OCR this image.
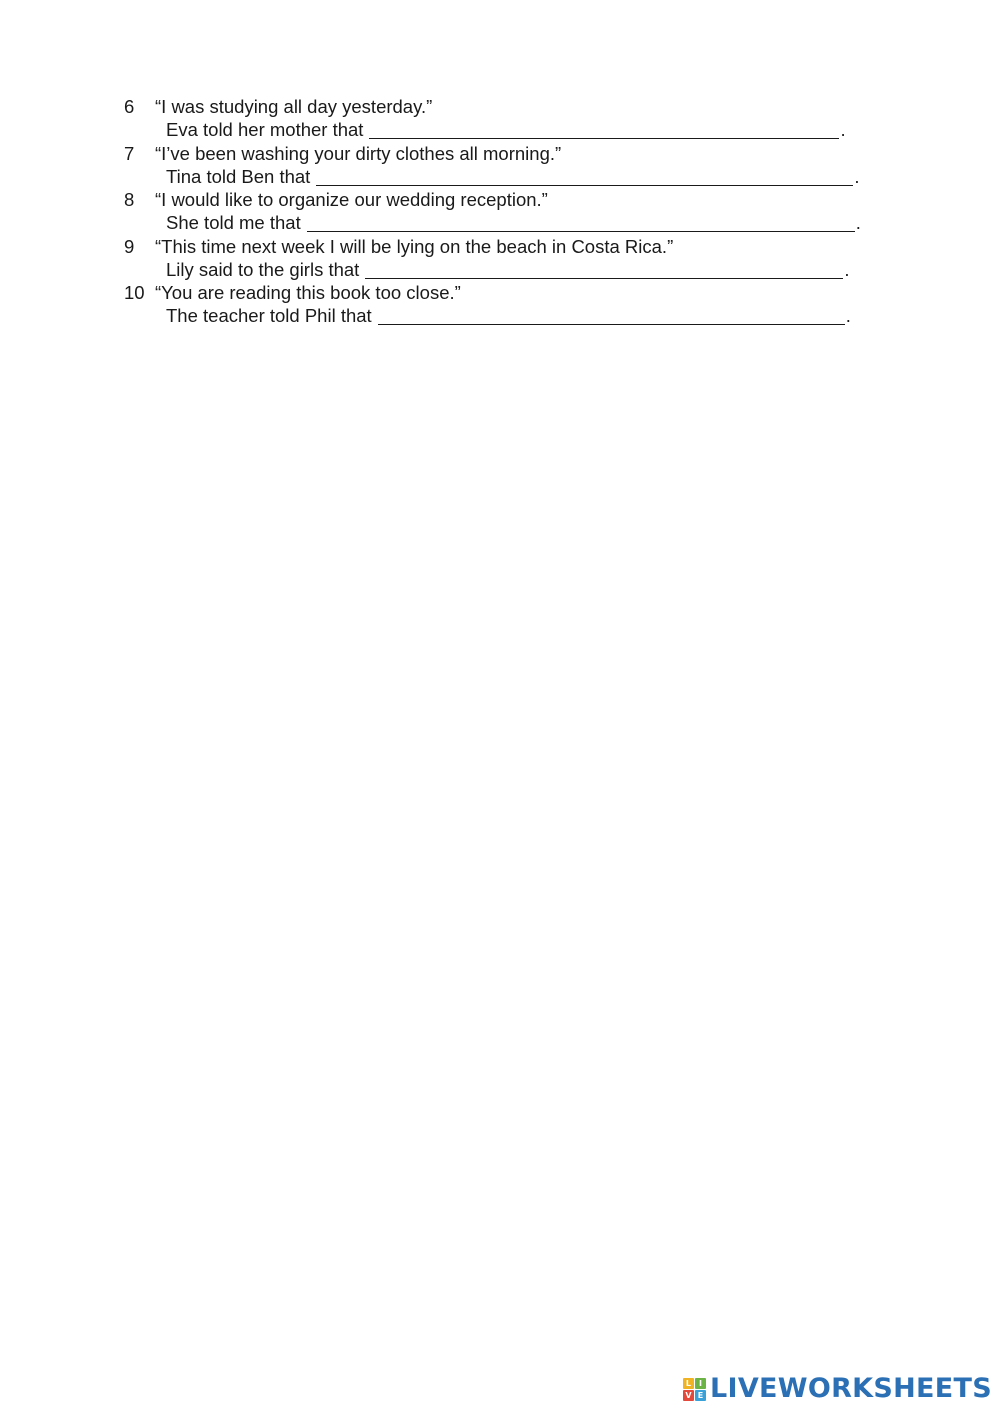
6 “I was studying all day yesterday.”
Eva told her mother that	.
7 “I’ve been washing your dirty clothes all morning.”
Tina told Ben that	.
8 “I would like to organize our wedding reception.”
She told me that	.
9 “This time next week I will be lying on the beach in Costa Rica.”
Lily said to the girls that	.
10 “You are reading this book too close.”
The teacher told Phil that	.
L I
V E LIVEWORKSHEETS
